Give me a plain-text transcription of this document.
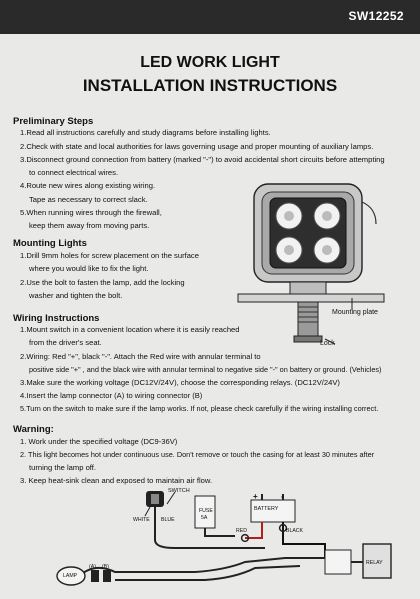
SW12252
LED WORK LIGHT
INSTALLATION INSTRUCTIONS
Preliminary Steps
1.Read all instructions carefully and study diagrams before installing lights.
2.Check with state and local authorities for laws governing usage and proper mounting of auxiliary lamps.
3.Disconnect ground connection from battery (marked "-") to avoid accidental short circuits before attempting
to connect electrical wires.
4.Route new wires along existing wiring.
Tape as necessary to correct slack.
5.When running wires through the firewall,
keep them away from moving parts.
Mounting Lights
1.Drill 9mm holes for screw placement on the surface
where you would like to fix the light.
2.Use the bolt to fasten the lamp, add the locking
washer and tighten the bolt.
Mounting plate
Lock
Wiring Instructions
1.Mount switch in a convenient location where it is easily reached
from the driver's seat.
2.Wiring: Red "+", black "-". Attach the Red wire with annular terminal to
positive side "+" , and the black wire with annular terminal to negative side "-" on battery or ground. (Vehicles)
3.Make sure the working voltage (DC12V/24V), choose the corresponding relays. (DC12V/24V)
4.Insert the lamp connector (A) to wiring connector (B)
5.Turn on the switch to make sure if the lamp works. If not, please check carefully if the wiring installing correct.
Warning:
1. Work under the specified voltage (DC9-36V)
2. This light becomes hot under continuous use. Don't remove or touch the casing for at least 30 minutes after
turning the lamp off.
3. Keep heat-sink clean and exposed to maintain air flow.
SWITCH
WHITE BLUE
FUSE
5A
+	-
BATTERY
RED	BLACK
LAMP
(A) (B)
RELAY
